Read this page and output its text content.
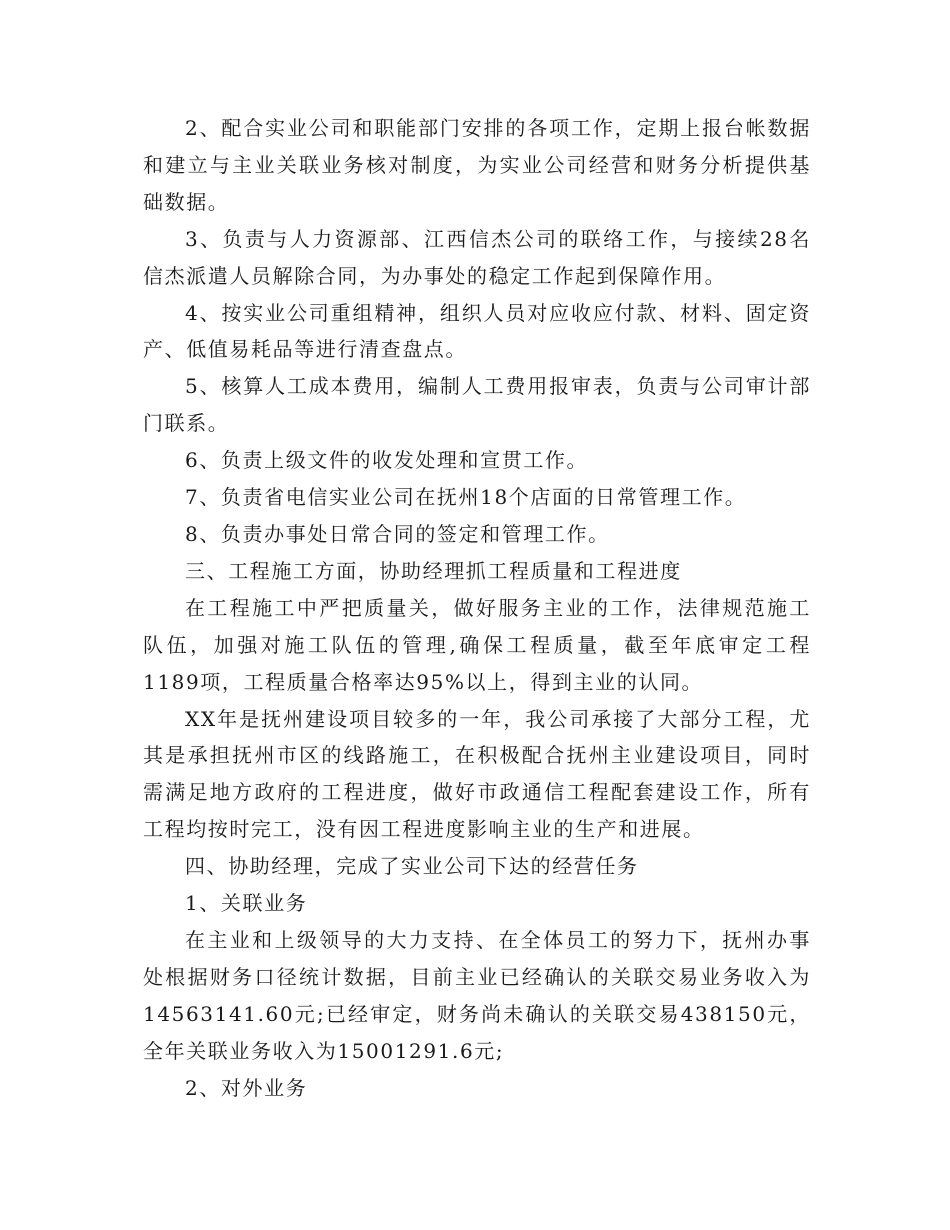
2、配合实业公司和职能部门安排的各项工作，定期上报台帐数据和建立与主业关联业务核对制度，为实业公司经营和财务分析提供基础数据。

3、负责与人力资源部、江西信杰公司的联络工作，与接续28名信杰派遣人员解除合同，为办事处的稳定工作起到保障作用。

4、按实业公司重组精神，组织人员对应收应付款、材料、固定资产、低值易耗品等进行清查盘点。

5、核算人工成本费用，编制人工费用报审表，负责与公司审计部门联系。

6、负责上级文件的收发处理和宣贯工作。

7、负责省电信实业公司在抚州18个店面的日常管理工作。

8、负责办事处日常合同的签定和管理工作。

三、工程施工方面，协助经理抓工程质量和工程进度

在工程施工中严把质量关，做好服务主业的工作，法律规范施工队伍，加强对施工队伍的管理,确保工程质量，截至年底审定工程1189项，工程质量合格率达95%以上，得到主业的认同。

XX年是抚州建设项目较多的一年，我公司承接了大部分工程，尤其是承担抚州市区的线路施工，在积极配合抚州主业建设项目，同时需满足地方政府的工程进度，做好市政通信工程配套建设工作，所有工程均按时完工，没有因工程进度影响主业的生产和进展。

四、协助经理，完成了实业公司下达的经营任务

1、关联业务

在主业和上级领导的大力支持、在全体员工的努力下，抚州办事处根据财务口径统计数据，目前主业已经确认的关联交易业务收入为14563141.60元;已经审定，财务尚未确认的关联交易438150元，全年关联业务收入为15001291.6元;

2、对外业务
